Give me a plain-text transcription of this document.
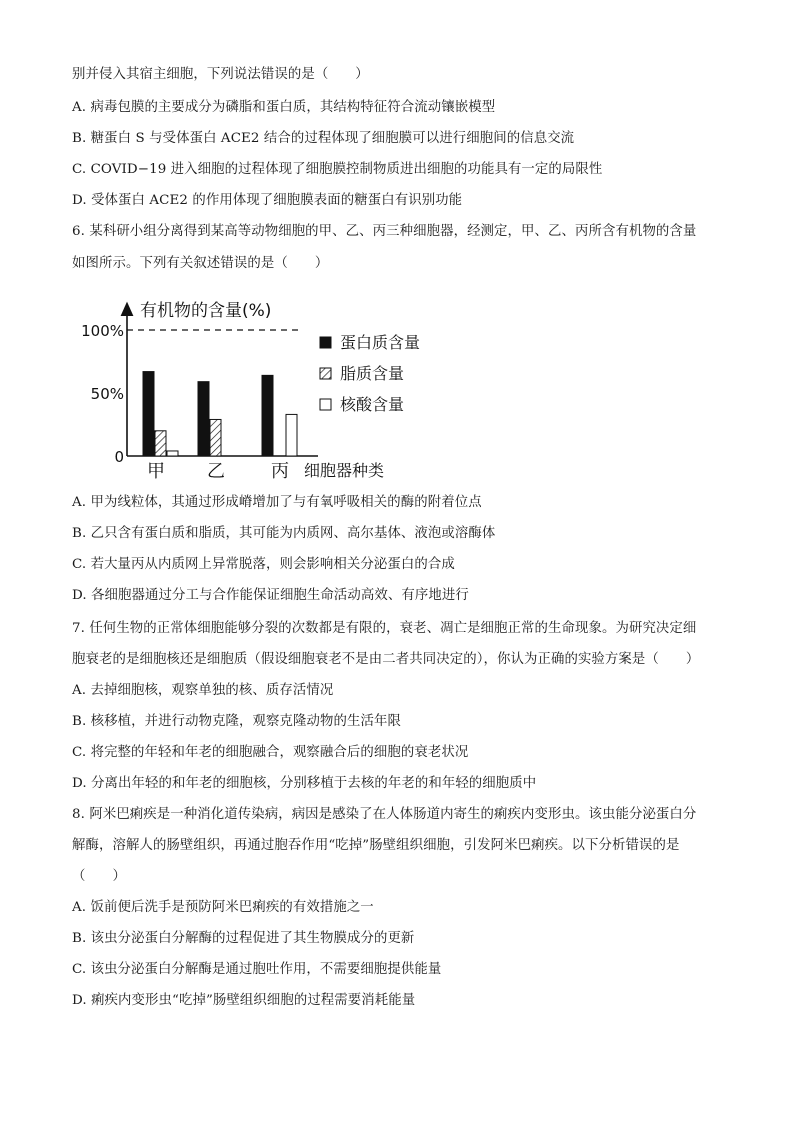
别并侵入其宿主细胞，下列说法错误的是（　　）
A. 病毒包膜的主要成分为磷脂和蛋白质，其结构特征符合流动镶嵌模型
B. 糖蛋白 S 与受体蛋白 ACE2 结合的过程体现了细胞膜可以进行细胞间的信息交流
C. COVID−19 进入细胞的过程体现了细胞膜控制物质进出细胞的功能具有一定的局限性
D. 受体蛋白 ACE2 的作用体现了细胞膜表面的糖蛋白有识别功能
6. 某科研小组分离得到某高等动物细胞的甲、乙、丙三种细胞器，经测定，甲、乙、丙所含有机物的含量
如图所示。下列有关叙述错误的是（　　）
有机物的含量(%)
细胞器种类
0
50%
100%
甲 乙	丙
蛋白质含量
脂质含量
核酸含量
A. 甲为线粒体，其通过形成嵴增加了与有氧呼吸相关的酶的附着位点
B. 乙只含有蛋白质和脂质，其可能为内质网、高尔基体、液泡或溶酶体
C. 若大量丙从内质网上异常脱落，则会影响相关分泌蛋白的合成
D. 各细胞器通过分工与合作能保证细胞生命活动高效、有序地进行
7. 任何生物的正常体细胞能够分裂的次数都是有限的，衰老、凋亡是细胞正常的生命现象。为研究决定细
胞衰老的是细胞核还是细胞质（假设细胞衰老不是由二者共同决定的），你认为正确的实验方案是（　　）
A. 去掉细胞核，观察单独的核、质存活情况
B. 核移植，并进行动物克隆，观察克隆动物的生活年限
C. 将完整的年轻和年老的细胞融合，观察融合后的细胞的衰老状况
D. 分离出年轻的和年老的细胞核，分别移植于去核的年老的和年轻的细胞质中
8. 阿米巴痢疾是一种消化道传染病，病因是感染了在人体肠道内寄生的痢疾内变形虫。该虫能分泌蛋白分
解酶，溶解人的肠壁组织，再通过胞吞作用“吃掉”肠壁组织细胞，引发阿米巴痢疾。以下分析错误的是
（　　）
A. 饭前便后洗手是预防阿米巴痢疾的有效措施之一
B. 该虫分泌蛋白分解酶的过程促进了其生物膜成分的更新
C. 该虫分泌蛋白分解酶是通过胞吐作用，不需要细胞提供能量
D. 痢疾内变形虫“吃掉”肠壁组织细胞的过程需要消耗能量
